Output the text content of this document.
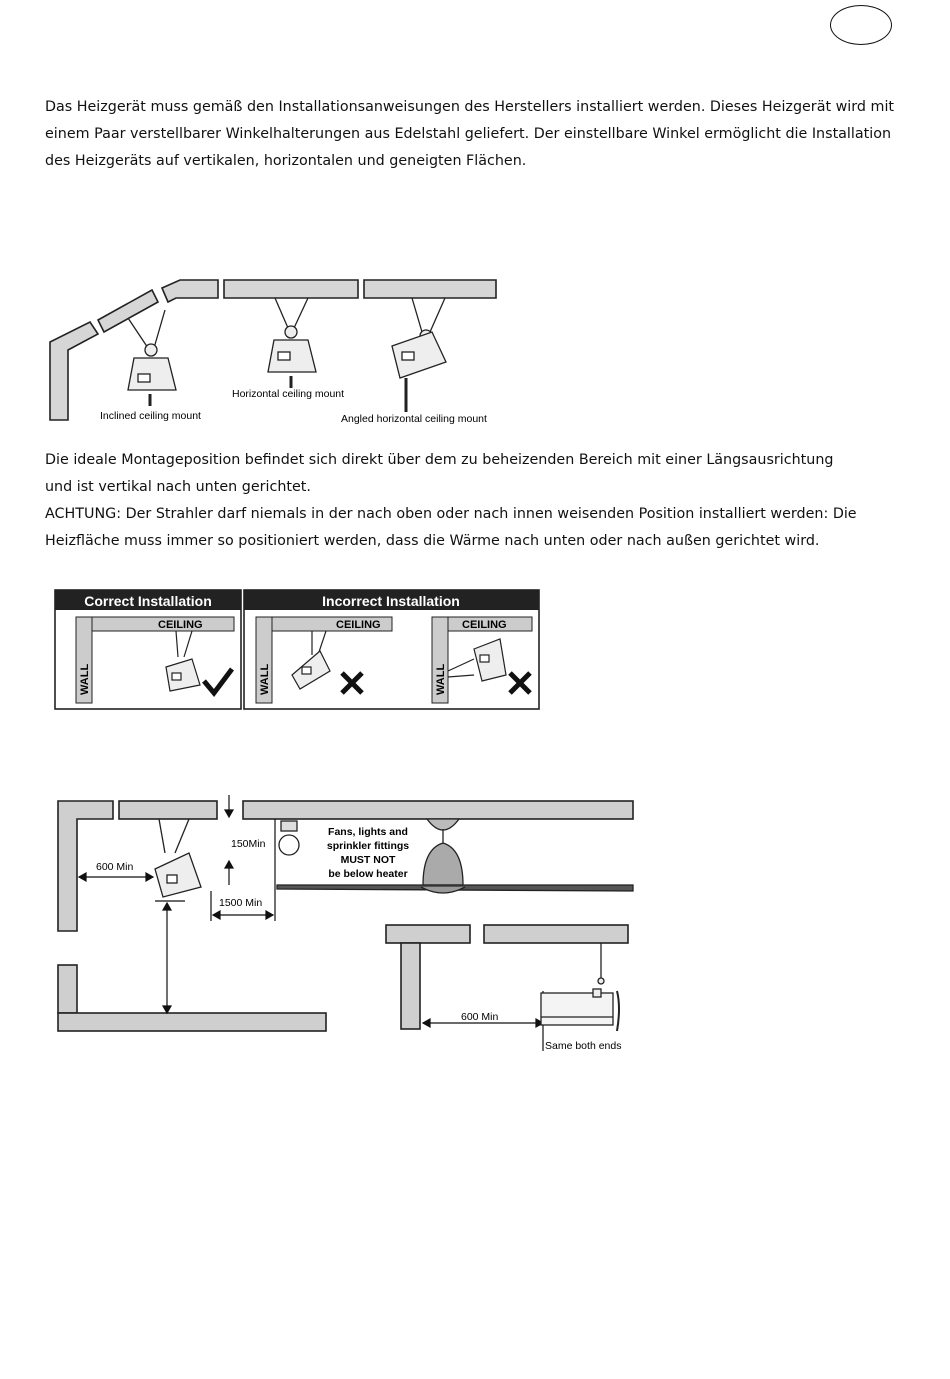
Das Heizgerät muss gemäß den Installationsanweisungen des Herstellers installiert werden. Dieses Heizgerät wird mit
einem Paar verstellbarer Winkelhalterungen aus Edelstahl geliefert. Der einstellbare Winkel ermöglicht die Installation
des Heizgeräts auf vertikalen, horizontalen und geneigten Flächen.

Inclined ceiling mount
Horizontal ceiling mount
Angled horizontal ceiling mount

Die ideale Montageposition befindet sich direkt über dem zu beheizenden Bereich mit einer Längsausrichtung
und ist vertikal nach unten gerichtet.
ACHTUNG: Der Strahler darf niemals in der nach oben oder nach innen weisenden Position installiert werden: Die
Heizfläche muss immer so positioniert werden, dass die Wärme nach unten oder nach außen gerichtet wird.

Correct Installation
CEILING
WALL
Incorrect Installation
CEILING
WALL
CEILING
WALL
150Min
600 Min
1500 Min
Fans, lights and
sprinkler fittings
MUST NOT
be below heater
600 Min
Same both ends
